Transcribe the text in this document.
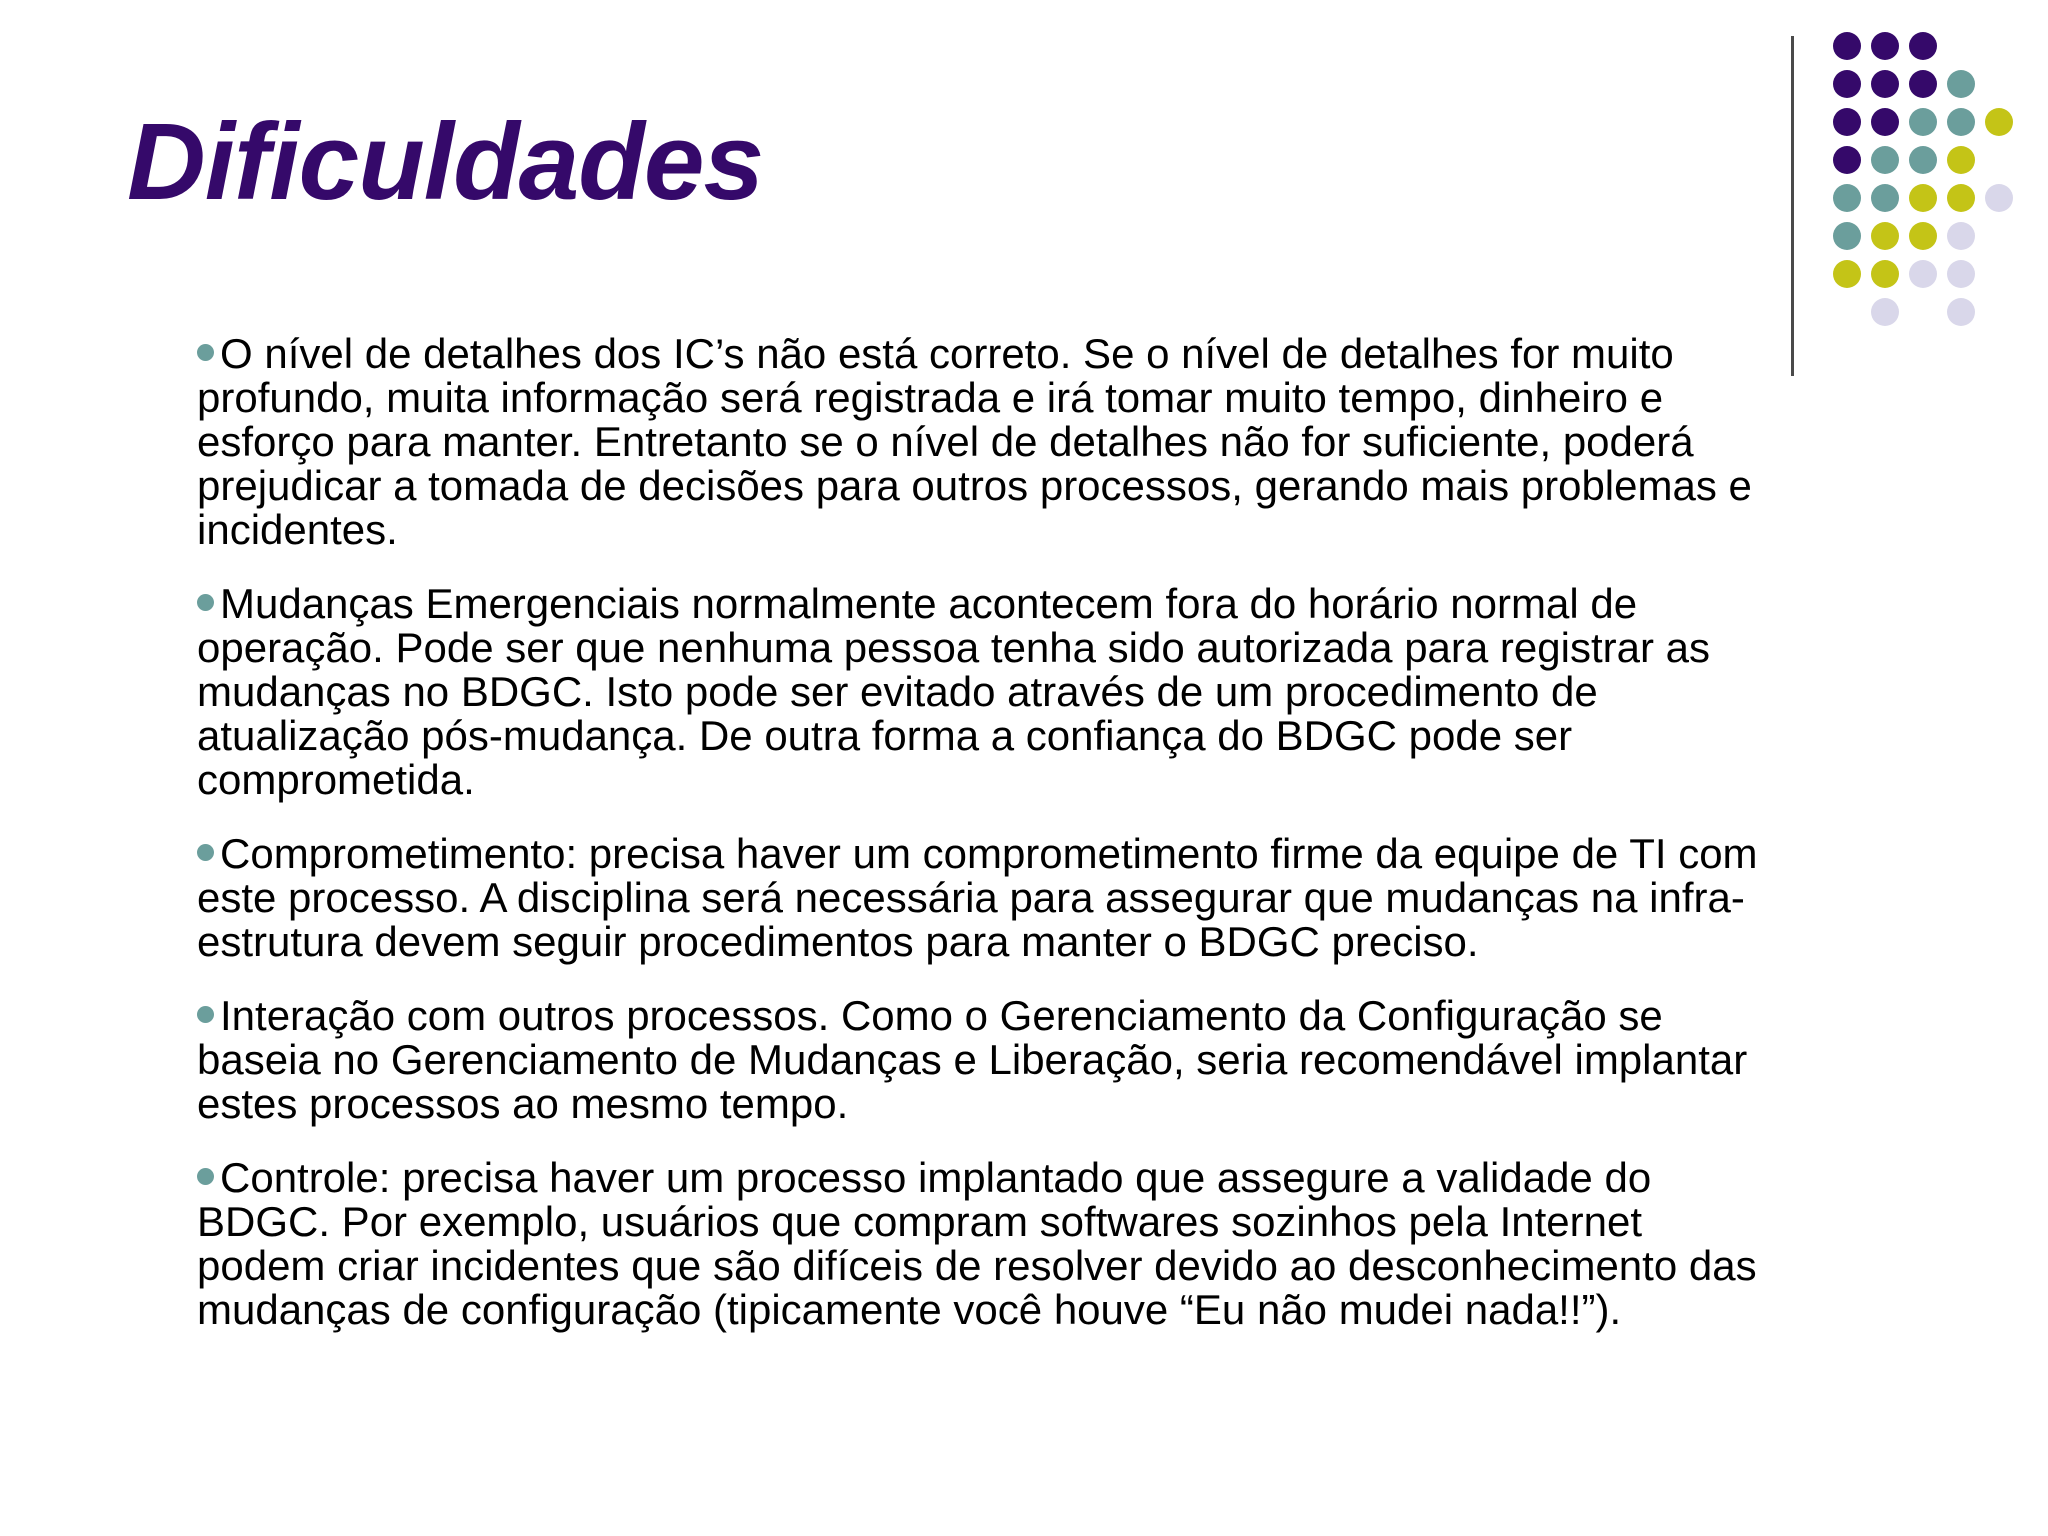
Dificuldades

O nível de detalhes dos IC’s não está correto. Se o nível de detalhes for muito profundo, muita informação será registrada e irá tomar muito tempo, dinheiro e esforço para manter. Entretanto se o nível de detalhes não for suficiente, poderá prejudicar a tomada de decisões para outros processos, gerando mais problemas e incidentes.

Mudanças Emergenciais normalmente acontecem fora do horário normal de operação. Pode ser que nenhuma pessoa tenha sido autorizada para registrar as mudanças no BDGC. Isto pode ser evitado através de um procedimento de atualização pós-mudança. De outra forma a confiança do BDGC pode ser comprometida.

Comprometimento: precisa haver um comprometimento firme da equipe de TI com este processo. A disciplina será necessária para assegurar que mudanças na infra-estrutura devem seguir procedimentos para manter o BDGC preciso.

Interação com outros processos. Como o Gerenciamento da Configuração se baseia no Gerenciamento de Mudanças e Liberação, seria recomendável implantar estes processos ao mesmo tempo.

Controle: precisa haver um processo implantado que assegure a validade do BDGC. Por exemplo, usuários que compram softwares sozinhos pela Internet podem criar incidentes que são difíceis de resolver devido ao desconhecimento das mudanças de configuração (tipicamente você houve “Eu não mudei nada!!”).
